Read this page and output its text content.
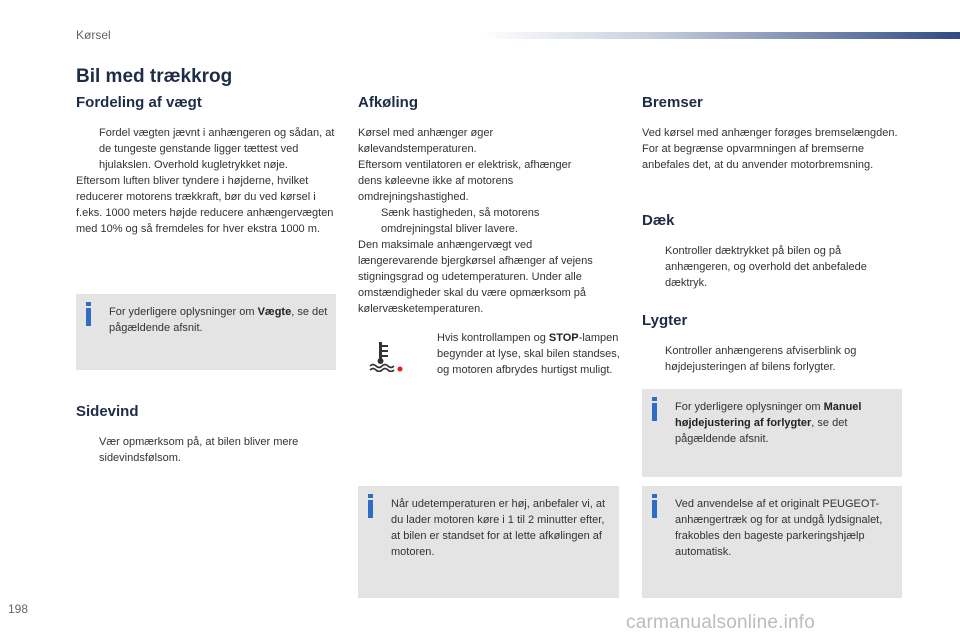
Kørsel
Bil med trækkrog
Fordeling af vægt
Fordel vægten jævnt i anhængeren og sådan, at de tungeste genstande ligger tættest ved hjulakslen. Overhold kugletrykket nøje.

Eftersom luften bliver tyndere i højderne, hvilket reducerer motorens trækkraft, bør du ved kørsel i f.eks. 1000 meters højde reducere anhængervægten med 10% og så fremdeles for hver ekstra 1000 m.

For yderligere oplysninger om Vægte, se det pågældende afsnit.
Sidevind
Vær opmærksom på, at bilen bliver mere sidevindsfølsom.
Afkøling

Kørsel med anhænger øger kølevandstemperaturen.

Eftersom ventilatoren er elektrisk, afhænger dens køleevne ikke af motorens omdrejningshastighed.

Sænk hastigheden, så motorens omdrejningstal bliver lavere.

Den maksimale anhængervægt ved længerevarende bjergkørsel afhænger af vejens stigningsgrad og udetemperaturen. Under alle omstændigheder skal du være opmærksom på kølervæsketemperaturen.

Hvis kontrollampen og STOP-lampen begynder at lyse, skal bilen standses, og motoren afbrydes hurtigst muligt.
Når udetemperaturen er høj, anbefaler vi, at du lader motoren køre i 1 til 2 minutter efter, at bilen er standset for at lette afkølingen af motoren.
Bremser

Ved kørsel med anhænger forøges bremselængden.

For at begrænse opvarmningen af bremserne anbefales det, at du anvender motorbremsning.

Dæk
Kontroller dæktrykket på bilen og på anhængeren, og overhold det anbefalede dæktryk.
Lygter
Kontroller anhængerens afviserblink og højdejusteringen af bilens forlygter.
For yderligere oplysninger om Manuel højdejustering af forlygter, se det pågældende afsnit.
Ved anvendelse af et originalt PEUGEOT-anhængertræk og for at undgå lydsignalet, frakobles den bageste parkeringshjælp automatisk.
198
carmanualsonline.info
